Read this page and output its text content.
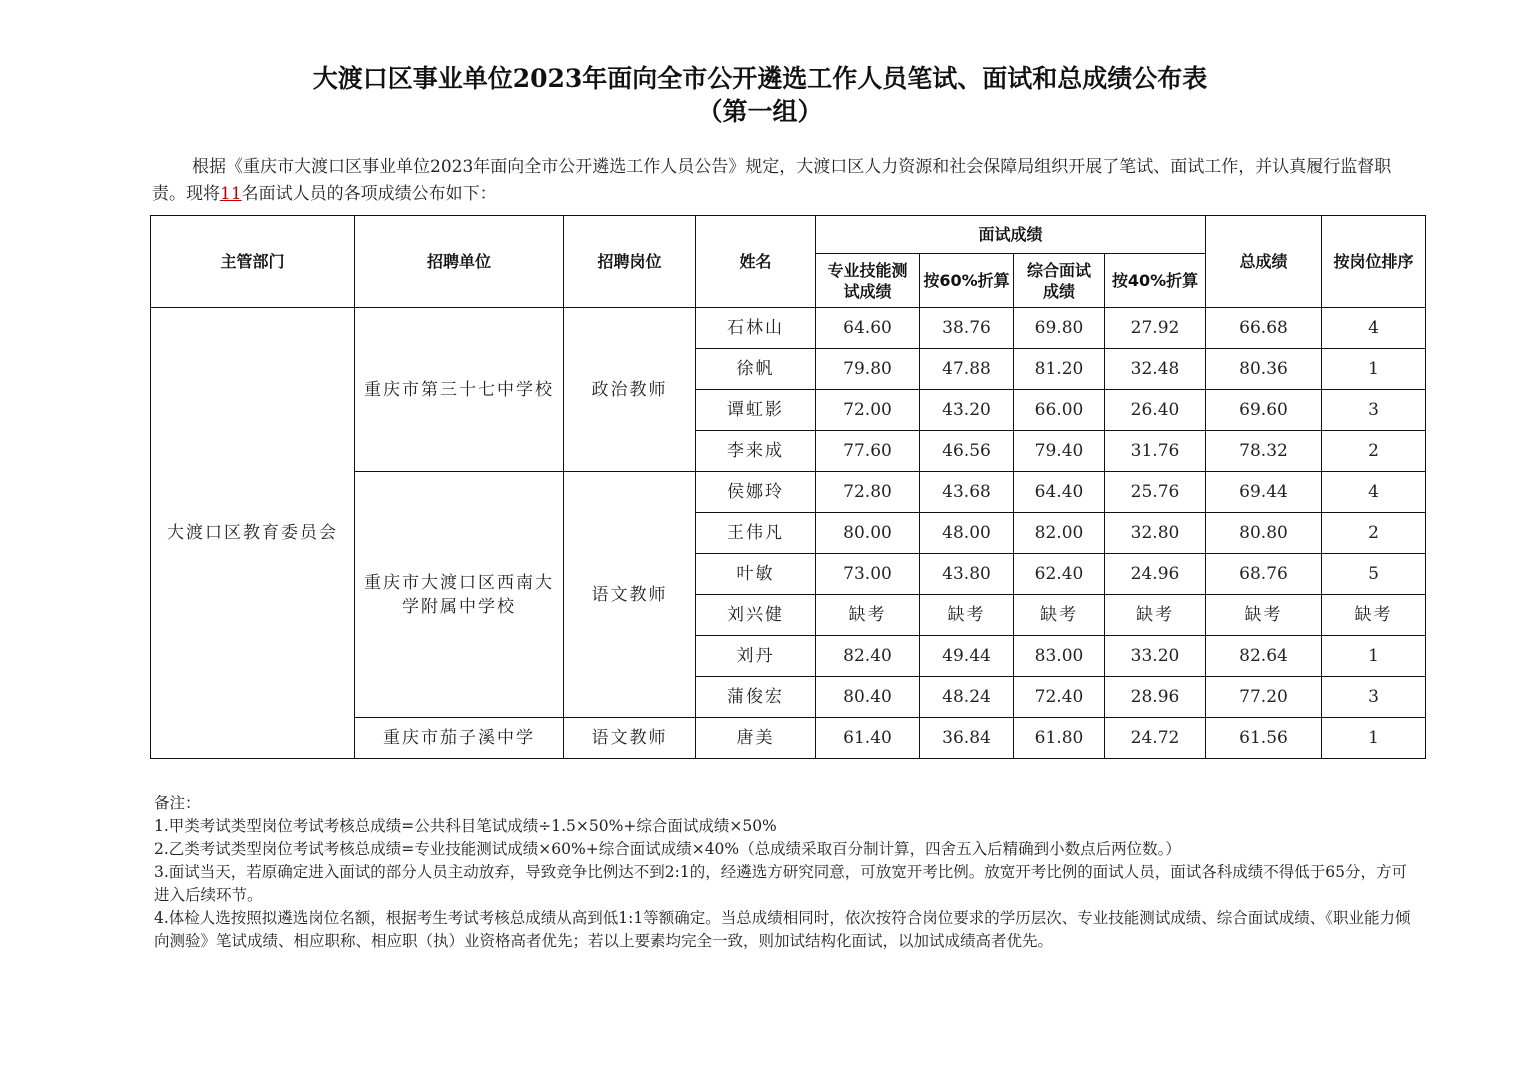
大渡口区事业单位2023年面向全市公开遴选工作人员笔试、面试和总成绩公布表
（第一组）
根据《重庆市大渡口区事业单位2023年面向全市公开遴选工作人员公告》规定，大渡口区人力资源和社会保障局组织开展了笔试、面试工作，并认真履行监督职责。现将11名面试人员的各项成绩公布如下：
主管部门	招聘单位	招聘岗位	姓名	面试成绩				总成绩	按岗位排序
				专业技能测试成绩	按60%折算	综合面试成绩	按40%折算		
大渡口区教育委员会	重庆市第三十七中学校	政治教师	石林山	64.60	38.76	69.80	27.92	66.68	4
			徐帆	79.80	47.88	81.20	32.48	80.36	1
			谭虹影	72.00	43.20	66.00	26.40	69.60	3
			李来成	77.60	46.56	79.40	31.76	78.32	2
	重庆市大渡口区西南大学附属中学校	语文教师	侯娜玲	72.80	43.68	64.40	25.76	69.44	4
			王伟凡	80.00	48.00	82.00	32.80	80.80	2
			叶敏	73.00	43.80	62.40	24.96	68.76	5
			刘兴健	缺考	缺考	缺考	缺考	缺考	缺考
			刘丹	82.40	49.44	83.00	33.20	82.64	1
			蒲俊宏	80.40	48.24	72.40	28.96	77.20	3
	重庆市茄子溪中学	语文教师	唐美	61.40	36.84	61.80	24.72	61.56	1

备注：

1.甲类考试类型岗位考试考核总成绩=公共科目笔试成绩÷1.5×50%+综合面试成绩×50%

2.乙类考试类型岗位考试考核总成绩=专业技能测试成绩×60%+综合面试成绩×40%（总成绩采取百分制计算，四舍五入后精确到小数点后两位数。）

3.面试当天，若原确定进入面试的部分人员主动放弃，导致竞争比例达不到2:1的，经遴选方研究同意，可放宽开考比例。放宽开考比例的面试人员，面试各科成绩不得低于65分，方可进入后续环节。

4.体检人选按照拟遴选岗位名额，根据考生考试考核总成绩从高到低1:1等额确定。当总成绩相同时，依次按符合岗位要求的学历层次、专业技能测试成绩、综合面试成绩、《职业能力倾向测验》笔试成绩、相应职称、相应职（执）业资格高者优先；若以上要素均完全一致，则加试结构化面试，以加试成绩高者优先。
